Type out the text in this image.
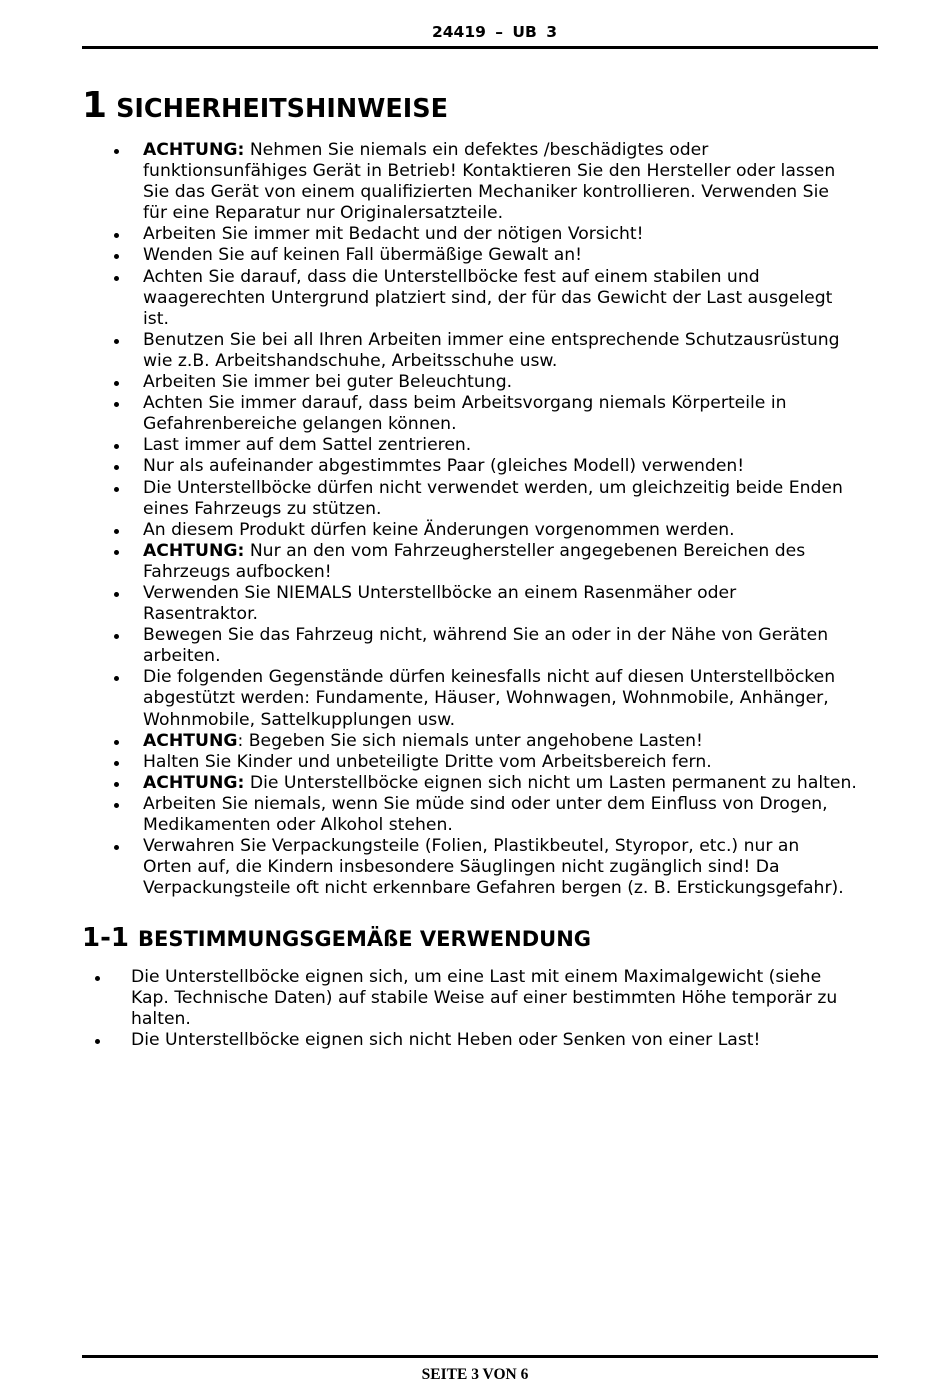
24419 – UB 3
1 SICHERHEITSHINWEISE
ACHTUNG: Nehmen Sie niemals ein defektes /beschädigtes oder
funktionsunfähiges Gerät in Betrieb! Kontaktieren Sie den Hersteller oder lassen
Sie das Gerät von einem qualifizierten Mechaniker kontrollieren. Verwenden Sie
für eine Reparatur nur Originalersatzteile.
Arbeiten Sie immer mit Bedacht und der nötigen Vorsicht!
Wenden Sie auf keinen Fall übermäßige Gewalt an!
Achten Sie darauf, dass die Unterstellböcke fest auf einem stabilen und
waagerechten Untergrund platziert sind, der für das Gewicht der Last ausgelegt
ist.
Benutzen Sie bei all Ihren Arbeiten immer eine entsprechende Schutzausrüstung
wie z.B. Arbeitshandschuhe, Arbeitsschuhe usw.
Arbeiten Sie immer bei guter Beleuchtung.
Achten Sie immer darauf, dass beim Arbeitsvorgang niemals Körperteile in
Gefahrenbereiche gelangen können.
Last immer auf dem Sattel zentrieren.
Nur als aufeinander abgestimmtes Paar (gleiches Modell) verwenden!
Die Unterstellböcke dürfen nicht verwendet werden, um gleichzeitig beide Enden
eines Fahrzeugs zu stützen.
An diesem Produkt dürfen keine Änderungen vorgenommen werden.
ACHTUNG: Nur an den vom Fahrzeughersteller angegebenen Bereichen des
Fahrzeugs aufbocken!
Verwenden Sie NIEMALS Unterstellböcke an einem Rasenmäher oder
Rasentraktor.
Bewegen Sie das Fahrzeug nicht, während Sie an oder in der Nähe von Geräten
arbeiten.
Die folgenden Gegenstände dürfen keinesfalls nicht auf diesen Unterstellböcken
abgestützt werden: Fundamente, Häuser, Wohnwagen, Wohnmobile, Anhänger,
Wohnmobile, Sattelkupplungen usw.
ACHTUNG: Begeben Sie sich niemals unter angehobene Lasten!
Halten Sie Kinder und unbeteiligte Dritte vom Arbeitsbereich fern.
ACHTUNG: Die Unterstellböcke eignen sich nicht um Lasten permanent zu halten.
Arbeiten Sie niemals, wenn Sie müde sind oder unter dem Einfluss von Drogen,
Medikamenten oder Alkohol stehen.
Verwahren Sie Verpackungsteile (Folien, Plastikbeutel, Styropor, etc.) nur an
Orten auf, die Kindern insbesondere Säuglingen nicht zugänglich sind! Da
Verpackungsteile oft nicht erkennbare Gefahren bergen (z. B. Erstickungsgefahr).
1-1 BESTIMMUNGSGEMÄßE VERWENDUNG
Die Unterstellböcke eignen sich, um eine Last mit einem Maximalgewicht (siehe
Kap. Technische Daten) auf stabile Weise auf einer bestimmten Höhe temporär zu
halten.
Die Unterstellböcke eignen sich nicht Heben oder Senken von einer Last!
SEITE 3 VON 6
